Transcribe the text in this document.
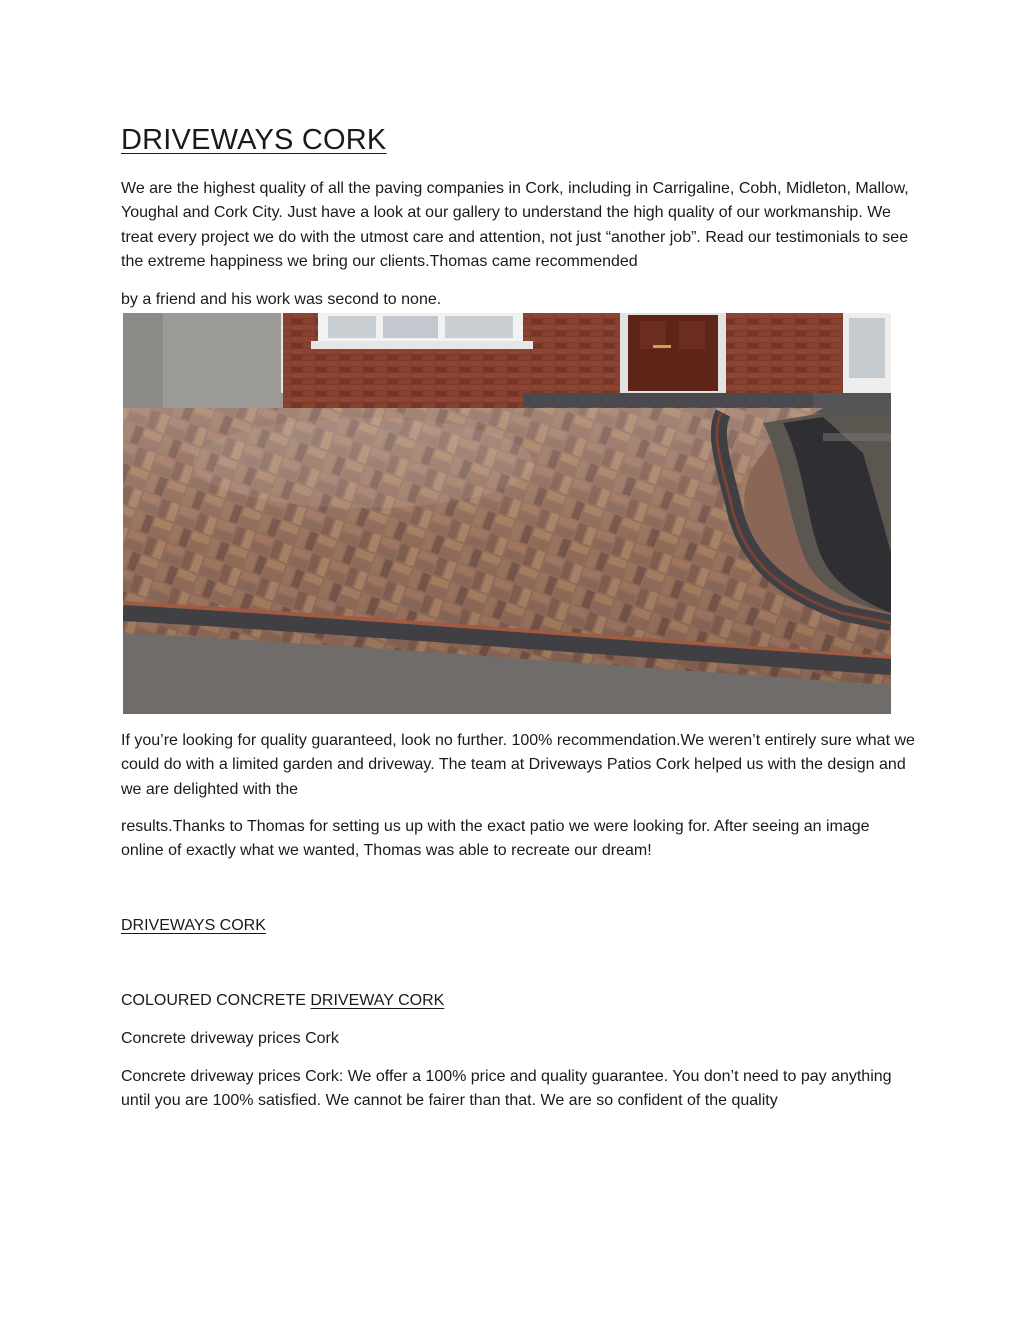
DRIVEWAYS CORK

We are the highest quality of all the paving companies in Cork, including in Carrigaline, Cobh, Midleton, Mallow, Youghal and Cork City. Just have a look at our gallery to understand the high quality of our workmanship. We treat every project we do with the utmost care and attention, not just “another job”. Read our testimonials to see the extreme happiness we bring our clients.Thomas came recommended

by a friend and his work was second to none.

If you’re looking for quality guaranteed, look no further. 100% recommendation.We weren’t entirely sure what we could do with a limited garden and driveway. The team at Driveways Patios Cork helped us with the design and we are delighted with the

results.Thanks to Thomas for setting us up with the exact patio we were looking for. After seeing an image online of exactly what we wanted, Thomas was able to recreate our dream!

DRIVEWAYS CORK

COLOURED CONCRETE DRIVEWAY CORK

Concrete driveway prices Cork

Concrete driveway prices Cork: We offer a 100% price and quality guarantee. You don’t need to pay anything until you are 100% satisfied. We cannot be fairer than that. We are so confident of the quality
